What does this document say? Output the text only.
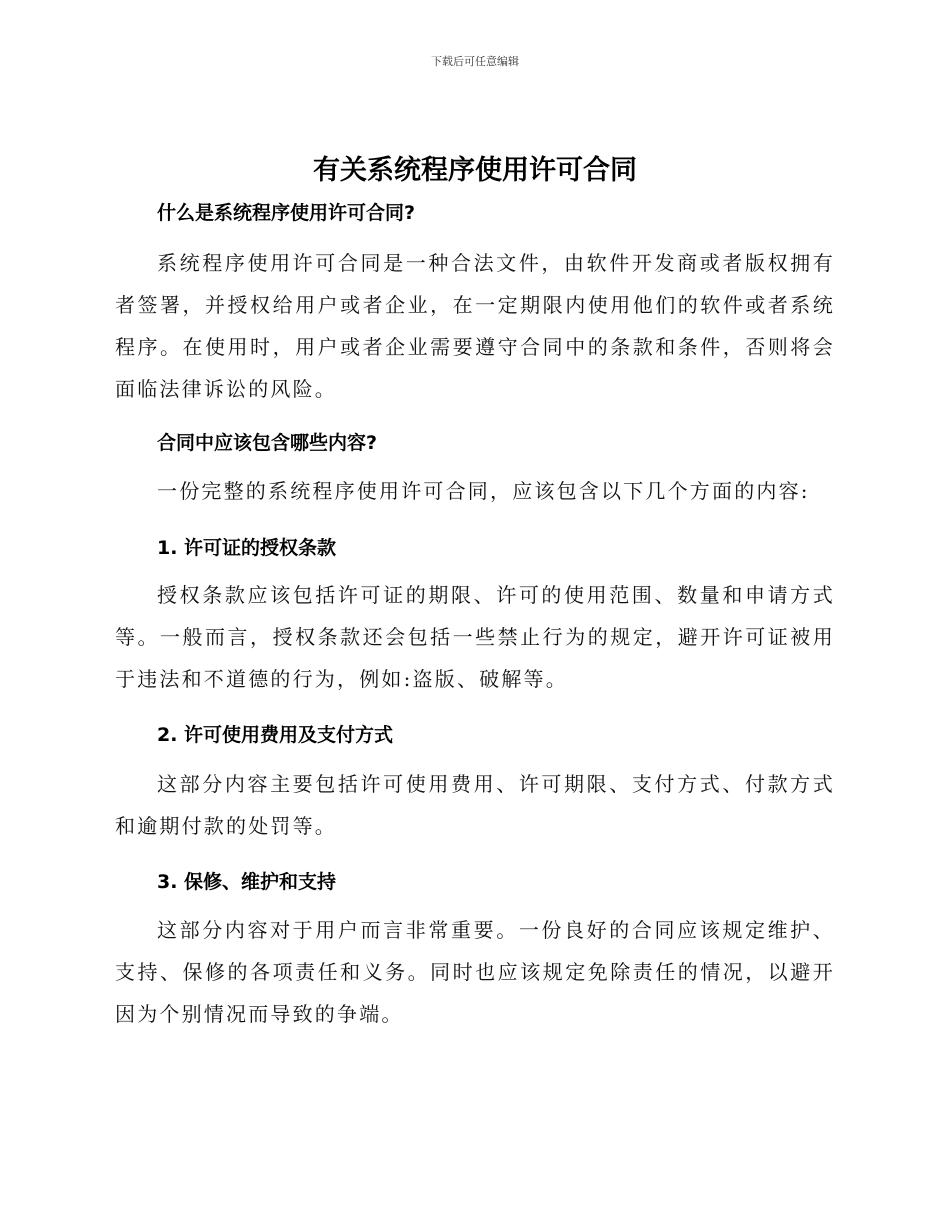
下载后可任意编辑
有关系统程序使用许可合同
什么是系统程序使用许可合同?

系统程序使用许可合同是一种合法文件，由软件开发商或者版权拥有者签署，并授权给用户或者企业，在一定期限内使用他们的软件或者系统程序。在使用时，用户或者企业需要遵守合同中的条款和条件，否则将会面临法律诉讼的风险。

合同中应该包含哪些内容?

一份完整的系统程序使用许可合同，应该包含以下几个方面的内容:

1. 许可证的授权条款

授权条款应该包括许可证的期限、许可的使用范围、数量和申请方式等。一般而言，授权条款还会包括一些禁止行为的规定，避开许可证被用于违法和不道德的行为，例如:盗版、破解等。

2. 许可使用费用及支付方式

这部分内容主要包括许可使用费用、许可期限、支付方式、付款方式和逾期付款的处罚等。

3. 保修、维护和支持

这部分内容对于用户而言非常重要。一份良好的合同应该规定维护、支持、保修的各项责任和义务。同时也应该规定免除责任的情况，以避开因为个别情况而导致的争端。
